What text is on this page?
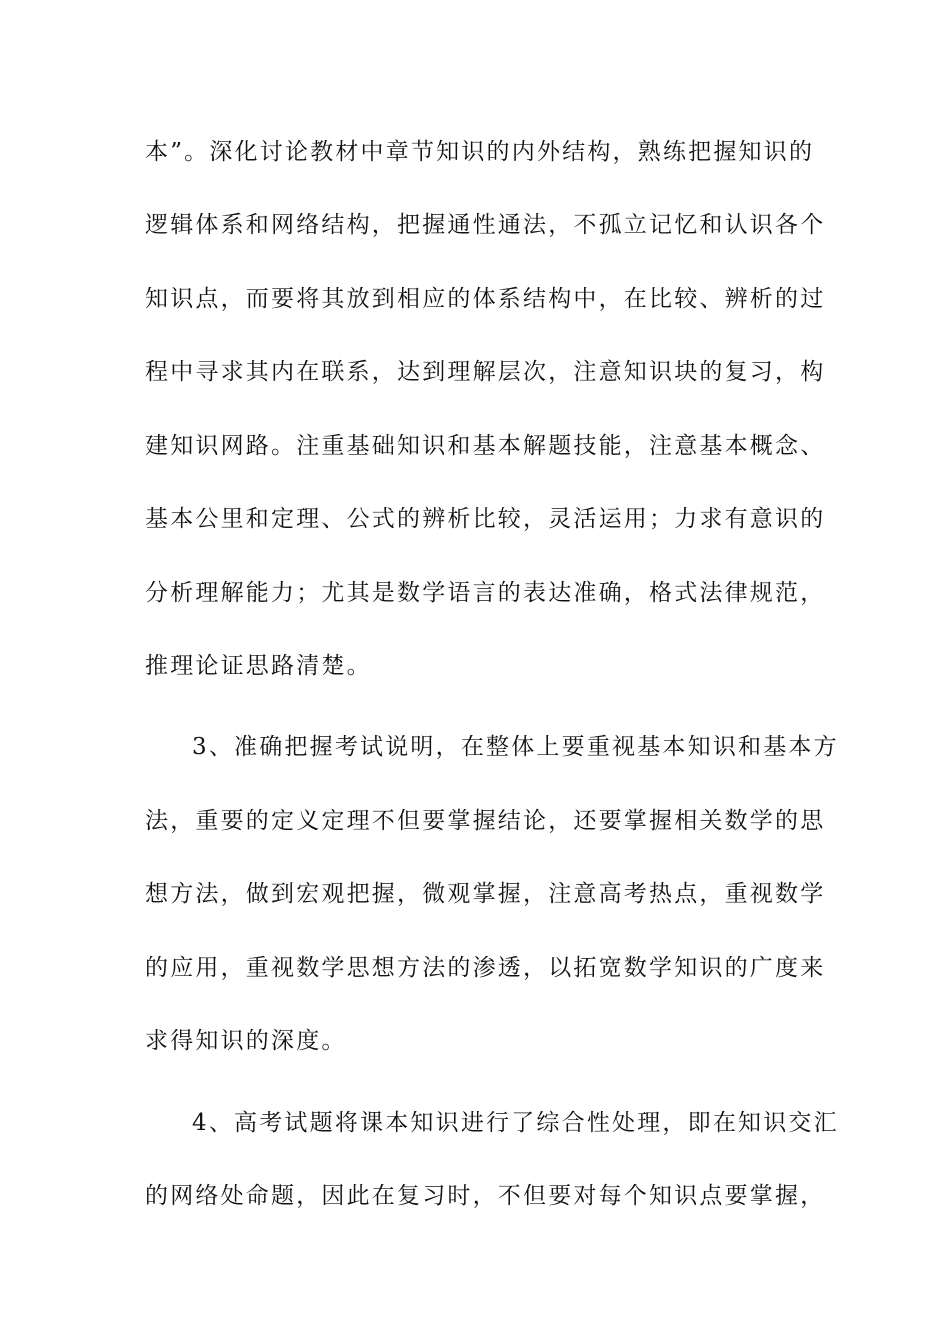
本”。深化讨论教材中章节知识的内外结构，熟练把握知识的
逻辑体系和网络结构，把握通性通法，不孤立记忆和认识各个
知识点，而要将其放到相应的体系结构中，在比较、辨析的过
程中寻求其内在联系，达到理解层次，注意知识块的复习，构
建知识网路。注重基础知识和基本解题技能，注意基本概念、
基本公里和定理、公式的辨析比较，灵活运用；力求有意识的
分析理解能力；尤其是数学语言的表达准确，格式法律规范，
推理论证思路清楚。
3、准确把握考试说明，在整体上要重视基本知识和基本方
法，重要的定义定理不但要掌握结论，还要掌握相关数学的思
想方法，做到宏观把握，微观掌握，注意高考热点，重视数学
的应用，重视数学思想方法的渗透，以拓宽数学知识的广度来
求得知识的深度。
4、高考试题将课本知识进行了综合性处理，即在知识交汇
的网络处命题，因此在复习时，不但要对每个知识点要掌握，
